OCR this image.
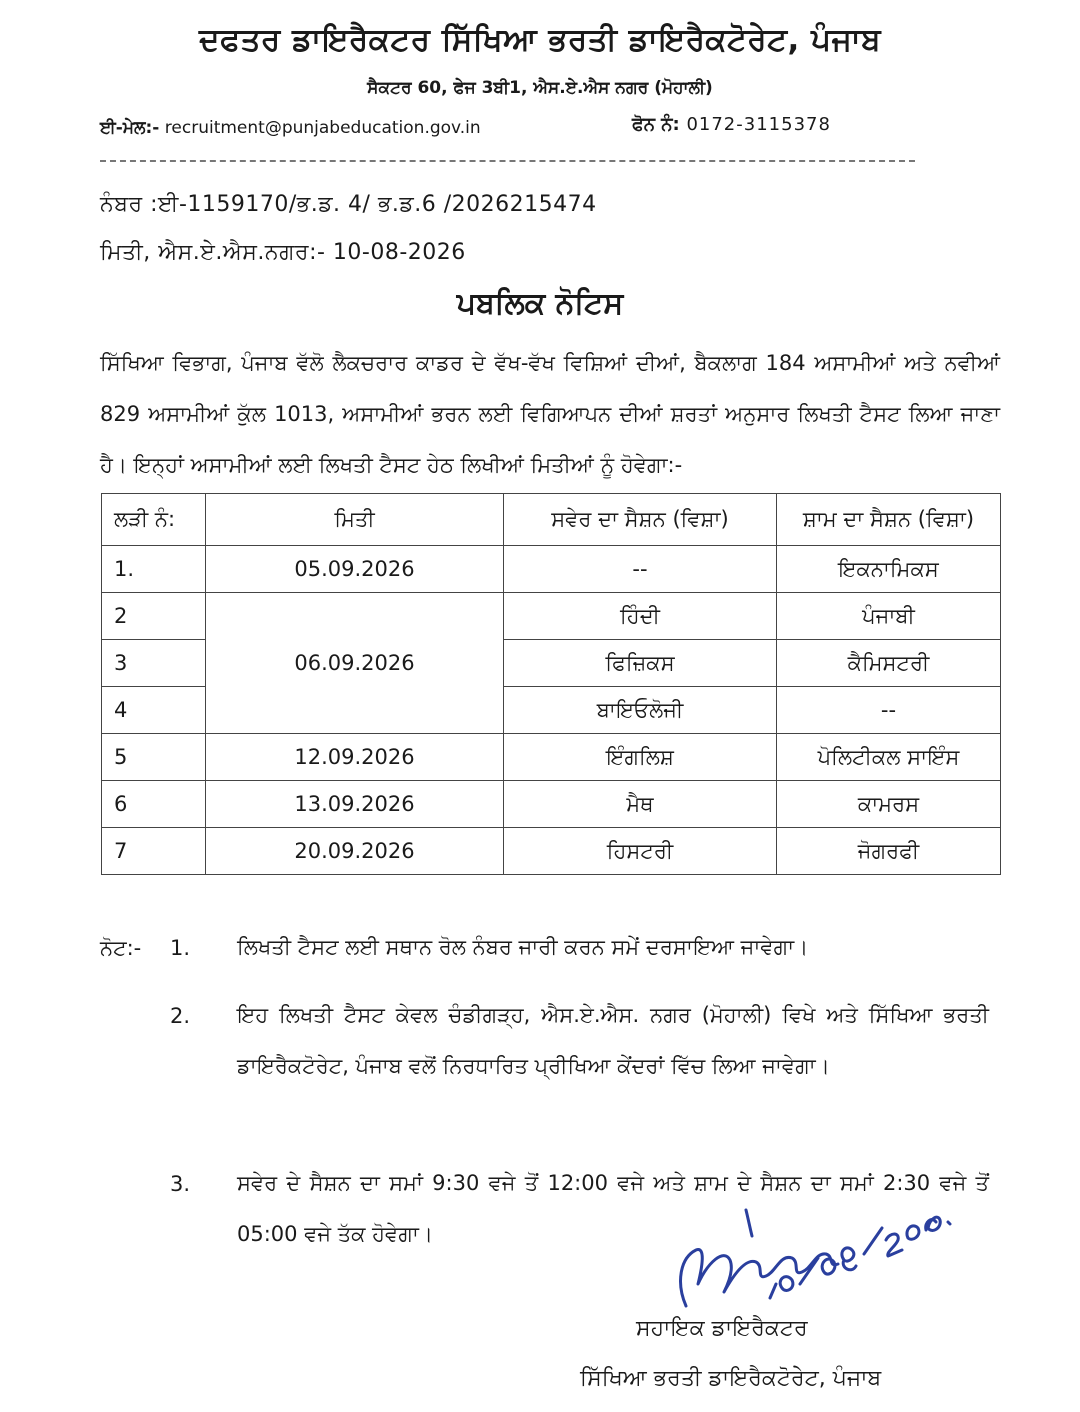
ਦਫਤਰ ਡਾਇਰੈਕਟਰ ਸਿੱਖਿਆ ਭਰਤੀ ਡਾਇਰੈਕਟੋਰੇਟ, ਪੰਜਾਬ
ਸੈਕਟਰ 60, ਫੇਜ 3ਬੀ1, ਐਸ.ਏ.ਐਸ ਨਗਰ (ਮੋਹਾਲੀ)
ਈ-ਮੇਲ:- recruitment@punjabeducation.gov.in	ਫੋਨ ਨੰ: 0172-3115378
ਨੰਬਰ :ਈ-1159170/ਭ.ਡ. 4/ ਭ.ਡ.6 /2026215474
ਮਿਤੀ, ਐਸ.ਏ.ਐਸ.ਨਗਰ:- 10-08-2026
ਪਬਲਿਕ ਨੋਟਿਸ
ਸਿੱਖਿਆ ਵਿਭਾਗ, ਪੰਜਾਬ ਵੱਲੋ ਲੈਕਚਰਾਰ ਕਾਡਰ ਦੇ ਵੱਖ-ਵੱਖ ਵਿਸ਼ਿਆਂ ਦੀਆਂ, ਬੈਕਲਾਗ 184 ਅਸਾਮੀਆਂ ਅਤੇ ਨਵੀਆਂ 829 ਅਸਾਮੀਆਂ ਕੁੱਲ 1013, ਅਸਾਮੀਆਂ ਭਰਨ ਲਈ ਵਿਗਿਆਪਨ ਦੀਆਂ ਸ਼ਰਤਾਂ ਅਨੁਸਾਰ ਲਿਖਤੀ ਟੈਸਟ ਲਿਆ ਜਾਣਾ ਹੈ। ਇਨ੍ਹਾਂ ਅਸਾਮੀਆਂ ਲਈ ਲਿਖਤੀ ਟੈਸਟ ਹੇਠ ਲਿਖੀਆਂ ਮਿਤੀਆਂ ਨੂੰ ਹੋਵੇਗਾ:-
ਲੜੀ ਨੰ:	ਮਿਤੀ	ਸਵੇਰ ਦਾ ਸੈਸ਼ਨ (ਵਿਸ਼ਾ)	ਸ਼ਾਮ ਦਾ ਸੈਸ਼ਨ (ਵਿਸ਼ਾ)
1.	05.09.2026	--	ਇਕਨਾਮਿਕਸ
2	06.09.2026	ਹਿੰਦੀ	ਪੰਜਾਬੀ
3		ਫਿਜ਼ਿਕਸ	ਕੈਮਿਸਟਰੀ
4		ਬਾਇਓਲੋਜੀ	--
5	12.09.2026	ਇੰਗਲਿਸ਼	ਪੋਲਿਟੀਕਲ ਸਾਇੰਸ
6	13.09.2026	ਮੈਥ	ਕਾਮਰਸ
7	20.09.2026	ਹਿਸਟਰੀ	ਜੋਗਰਫੀ
ਨੋਟ:- 1. ਲਿਖਤੀ ਟੈਸਟ ਲਈ ਸਥਾਨ ਰੋਲ ਨੰਬਰ ਜਾਰੀ ਕਰਨ ਸਮੇਂ ਦਰਸਾਇਆ ਜਾਵੇਗਾ।
2. ਇਹ ਲਿਖਤੀ ਟੈਸਟ ਕੇਵਲ ਚੰਡੀਗੜ੍ਹ, ਐਸ.ਏ.ਐਸ. ਨਗਰ (ਮੋਹਾਲੀ) ਵਿਖੇ ਅਤੇ ਸਿੱਖਿਆ ਭਰਤੀ ਡਾਇਰੈਕਟੋਰੇਟ, ਪੰਜਾਬ ਵਲੋਂ ਨਿਰਧਾਰਿਤ ਪ੍ਰੀਖਿਆ ਕੇਂਦਰਾਂ ਵਿੱਚ ਲਿਆ ਜਾਵੇਗਾ।
3. ਸਵੇਰ ਦੇ ਸੈਸ਼ਨ ਦਾ ਸਮਾਂ 9:30 ਵਜੇ ਤੋਂ 12:00 ਵਜੇ ਅਤੇ ਸ਼ਾਮ ਦੇ ਸੈਸ਼ਨ ਦਾ ਸਮਾਂ 2:30 ਵਜੇ ਤੋਂ 05:00 ਵਜੇ ਤੱਕ ਹੋਵੇਗਾ।
ਸਹਾਇਕ ਡਾਇਰੈਕਟਰ
ਸਿੱਖਿਆ ਭਰਤੀ ਡਾਇਰੈਕਟੋਰੇਟ, ਪੰਜਾਬ
